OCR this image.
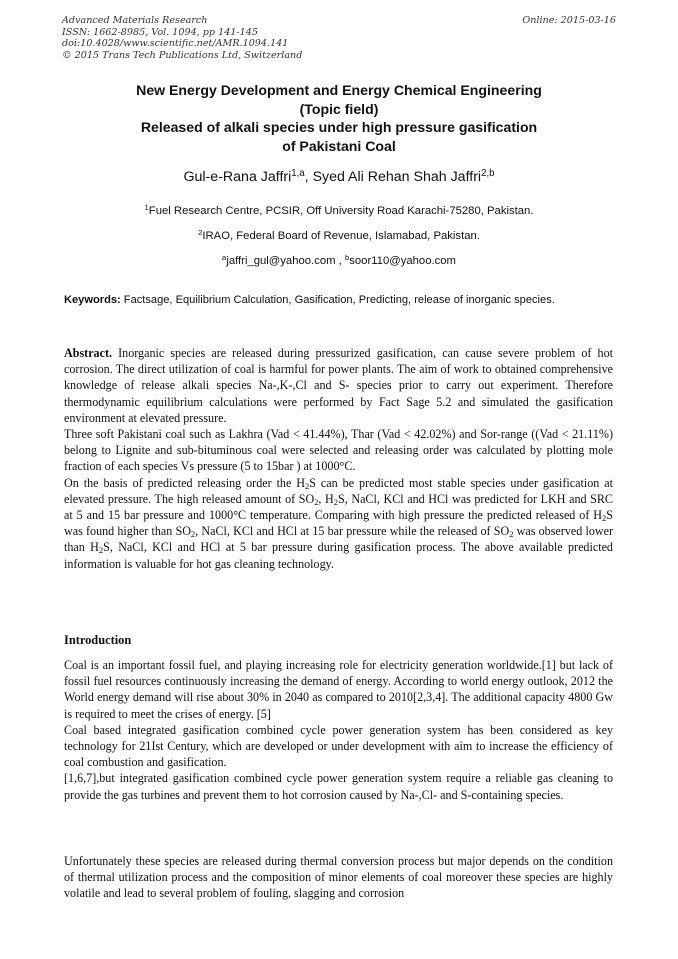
Advanced Materials Research
ISSN: 1662-8985, Vol. 1094, pp 141-145
doi:10.4028/www.scientific.net/AMR.1094.141
© 2015 Trans Tech Publications Ltd, Switzerland
Online: 2015-03-16
New Energy Development and Energy Chemical Engineering
(Topic field)
Released of alkali species under high pressure gasification
of Pakistani Coal
Gul-e-Rana Jaffri$^{1,a}$, Syed Ali Rehan Shah Jaffri$^{2,b}$
$^1$Fuel Research Centre, PCSIR, Off University Road Karachi-75280, Pakistan.
$^2$IRAO, Federal Board of Revenue, Islamabad, Pakistan.
$^a$jaffri_gul@yahoo.com , $^b$soor110@yahoo.com
Keywords: Factsage, Equilibrium Calculation, Gasification, Predicting, release of inorganic species.

Abstract. Inorganic species are released during pressurized gasification, can cause severe problem of hot corrosion. The direct utilization of coal is harmful for power plants. The aim of work to obtained comprehensive knowledge of release alkali species Na-,K-,Cl and S- species prior to carry out experiment. Therefore thermodynamic equilibrium calculations were performed by Fact Sage 5.2 and simulated the gasification environment at elevated pressure.

Three soft Pakistani coal such as Lakhra (Vad < 41.44%), Thar (Vad < 42.02%) and Sor-range ((Vad < 21.11%) belong to Lignite and sub-bituminous coal were selected and releasing order was calculated by plotting mole fraction of each species Vs pressure (5 to 15bar ) at 1000°C.

On the basis of predicted releasing order the $H_2S$ can be predicted most stable species under gasification at elevated pressure. The high released amount of $SO_2$, $H_2S$, NaCl, KCl and HCl was predicted for LKH and SRC at 5 and 15 bar pressure and 1000°C temperature. Comparing with high pressure the predicted released of $H_2S$ was found higher than $SO_2$, NaCl, KCl and HCl at 15 bar pressure while the released of $SO_2$ was observed lower than $H_2S$, NaCl, KCl and HCl at 5 bar pressure during gasification process. The above available predicted information is valuable for hot gas cleaning technology.

Introduction

Coal is an important fossil fuel, and playing increasing role for electricity generation worldwide.[1] but lack of fossil fuel resources continuously increasing the demand of energy. According to world energy outlook, 2012 the World energy demand will rise about 30% in 2040 as compared to 2010[2,3,4]. The additional capacity 4800 Gw is required to meet the crises of energy. [5]

Coal based integrated gasification combined cycle power generation system has been considered as key technology for 21Ist Century, which are developed or under development with aim to increase the efficiency of coal combustion and gasification.

[1,6,7],but integrated gasification combined cycle power generation system require a reliable gas cleaning to provide the gas turbines and prevent them to hot corrosion caused by Na-,Cl- and S-containing species.

Unfortunately these species are released during thermal conversion process but major depends on the condition of thermal utilization process and the composition of minor elements of coal moreover these species are highly volatile and lead to several problem of fouling, slagging and corrosion
